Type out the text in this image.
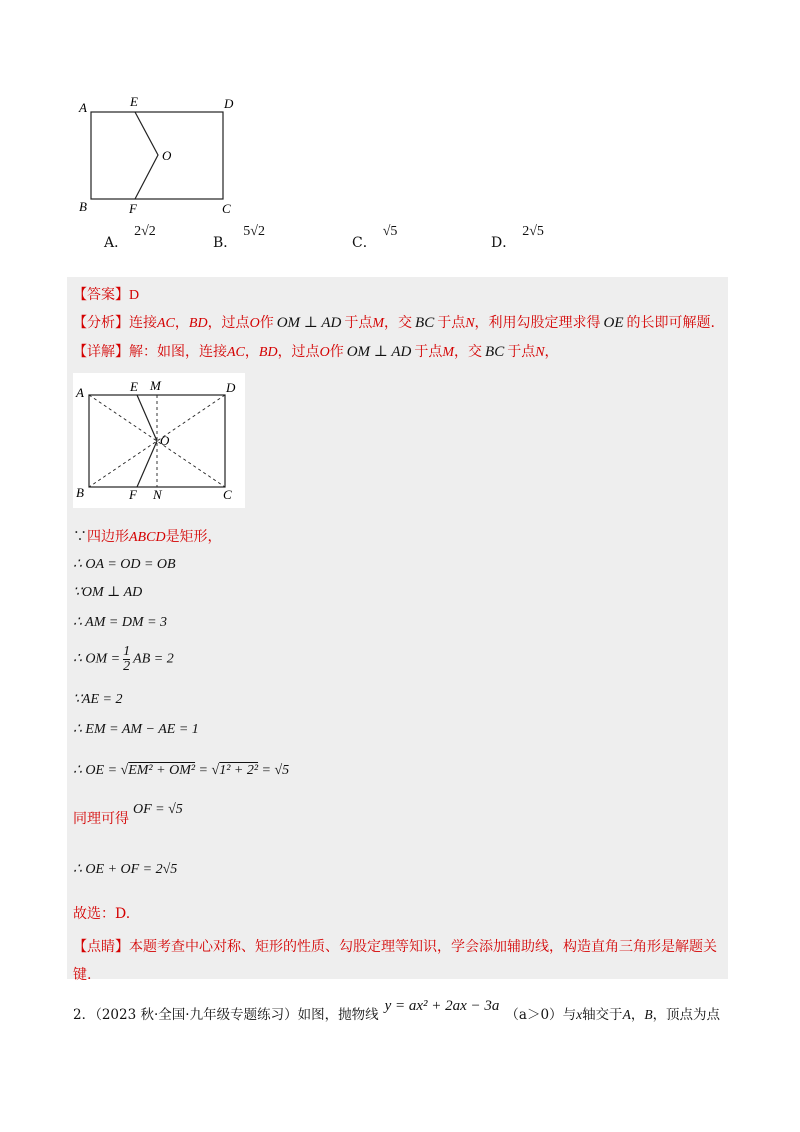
A	E	D
O
B	F	C
A．2√2
B．5√2
C．√5
D．2√5
【答案】D
【分析】连接AC，BD，过点O作 OM ⊥ AD 于点M，交 BC 于点N，利用勾股定理求得 OE 的长即可解题.
【详解】解：如图，连接AC，BD，过点O作 OM ⊥ AD 于点M，交 BC 于点N，
A	E M	D
O
B	F N	C
∵四边形ABCD是矩形，
∴ OA = OD = OB
∵OM ⊥ AD
∴ AM = DM = 3
∴ OM = $\frac{1}{2}$ AB = 2
∵AE = 2
∴ EM = AM − AE = 1
∴ OE = √EM² + OM² = √1² + 2² = √5
同理可得OF = √5
∴ OE + OF = 2√5
故选：D.
【点睛】本题考查中心对称、矩形的性质、勾股定理等知识，学会添加辅助线，构造直角三角形是解题关
键.
2．（2023 秋·全国·九年级专题练习）如图，抛物线y = ax² + 2ax − 3a（a＞0）与x轴交于A，B，顶点为点
